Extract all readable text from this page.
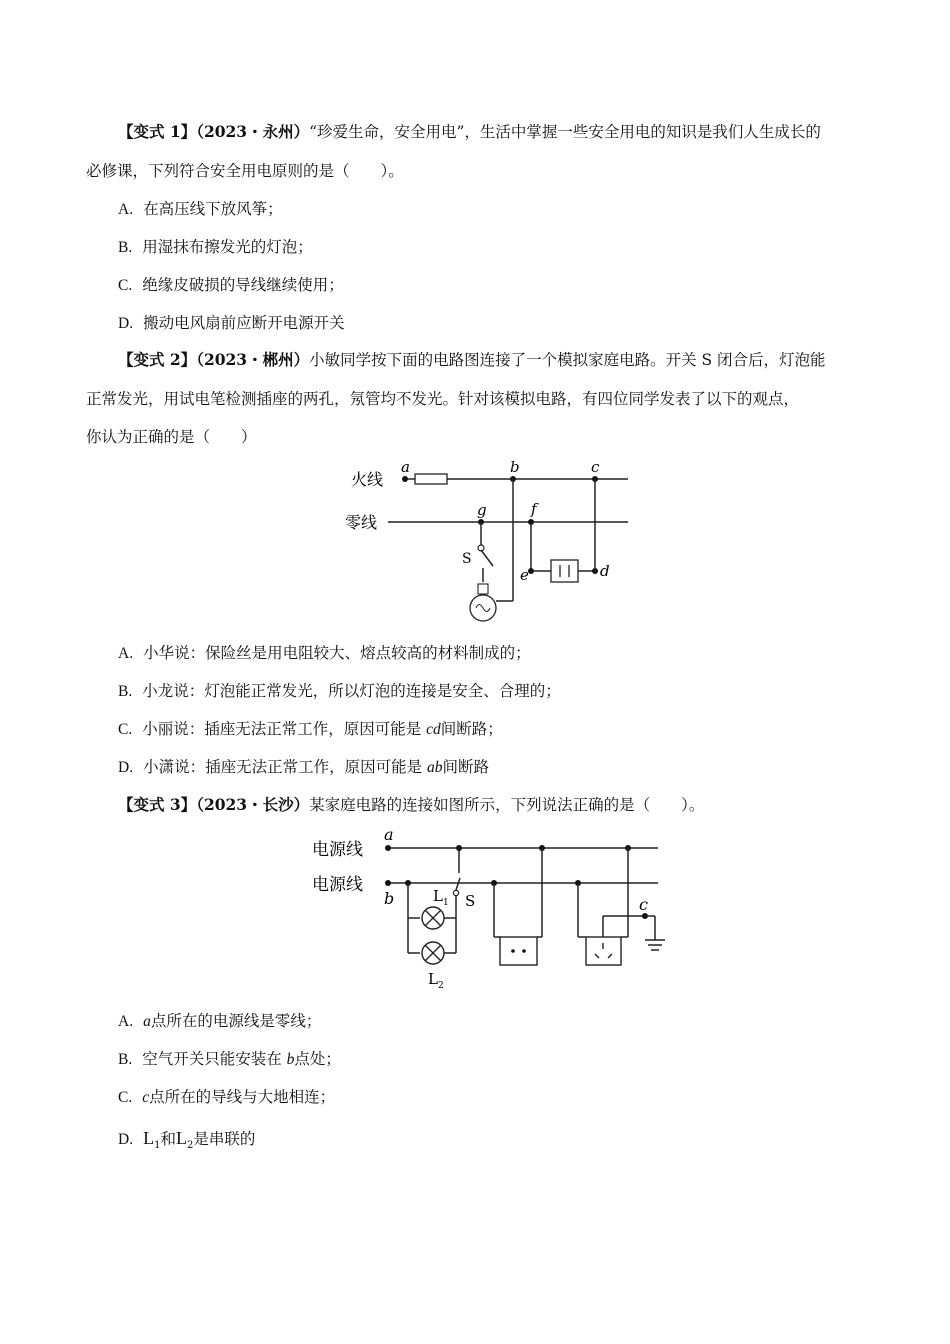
【变式 1】（2023・永州）“珍爱生命，安全用电”，生活中掌握一些安全用电的知识是我们人生成长的
必修课，下列符合安全用电原则的是（　　）。
A. 在高压线下放风筝；
B. 用湿抹布擦发光的灯泡；
C. 绝缘皮破损的导线继续使用；
D. 搬动电风扇前应断开电源开关
【变式 2】（2023・郴州）小敏同学按下面的电路图连接了一个模拟家庭电路。开关 S 闭合后，灯泡能
正常发光，用试电笔检测插座的两孔，氖管均不发光。针对该模拟电路，有四位同学发表了以下的观点，
你认为正确的是（　　）
火线
零线
a	b	c
g	f
e	d
S
A. 小华说：保险丝是用电阻较大、熔点较高的材料制成的；
B. 小龙说：灯泡能正常发光，所以灯泡的连接是安全、合理的；
C. 小丽说：插座无法正常工作，原因可能是 cd间断路；
D. 小潇说：插座无法正常工作，原因可能是 ab间断路
【变式 3】（2023・长沙）某家庭电路的连接如图所示，下列说法正确的是（　　）。
电源线
电源线
a
b	c
S
$L_1$
$L_2$
A. a点所在的电源线是零线；
B. 空气开关只能安装在 b点处；
C. c点所在的导线与大地相连；
D. $L_1$和$L_2$是串联的
